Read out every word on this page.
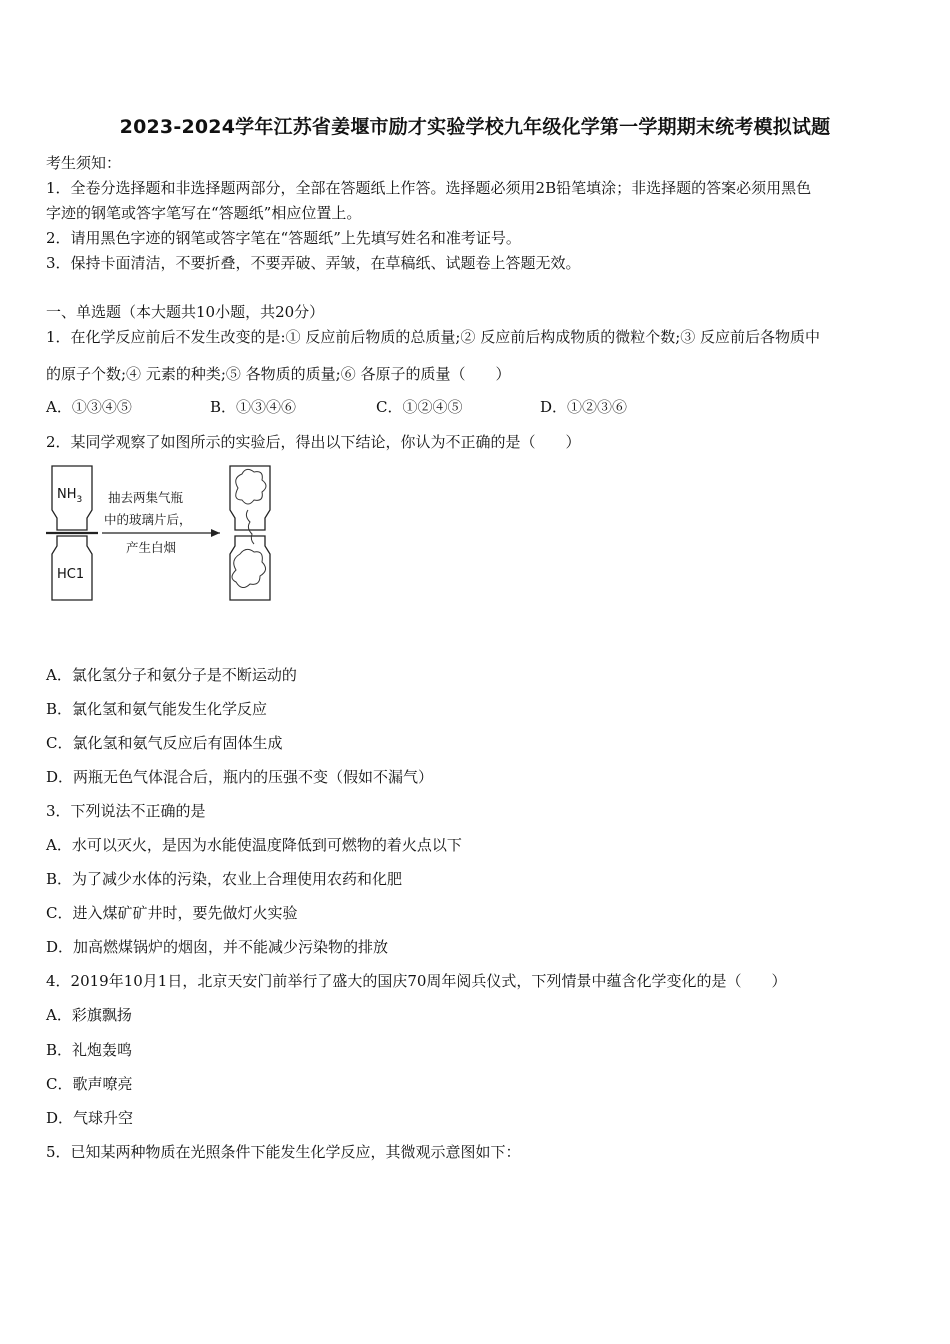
2023-2024学年江苏省姜堰市励才实验学校九年级化学第一学期期末统考模拟试题
考生须知：
1．全卷分选择题和非选择题两部分，全部在答题纸上作答。选择题必须用2B铅笔填涂；非选择题的答案必须用黑色
字迹的钢笔或答字笔写在“答题纸”相应位置上。
2．请用黑色字迹的钢笔或答字笔在“答题纸”上先填写姓名和准考证号。
3．保持卡面清洁，不要折叠，不要弄破、弄皱，在草稿纸、试题卷上答题无效。
一、单选题（本大题共10小题，共20分）
1．在化学反应前后不发生改变的是:① 反应前后物质的总质量;② 反应前后构成物质的微粒个数;③ 反应前后各物质中
的原子个数;④ 元素的种类;⑤ 各物质的质量;⑥ 各原子的质量（　　）
A．①③④⑤	B．①③④⑥	C．①②④⑤	D．①②③⑥
2．某同学观察了如图所示的实验后，得出以下结论，你认为不正确的是（　　）
$NH_3$
HC1
抽去两集气瓶
中的玻璃片后，
产生白烟
A．氯化氢分子和氨分子是不断运动的
B．氯化氢和氨气能发生化学反应
C．氯化氢和氨气反应后有固体生成
D．两瓶无色气体混合后，瓶内的压强不变（假如不漏气）
3．下列说法不正确的是
A．水可以灭火，是因为水能使温度降低到可燃物的着火点以下
B．为了减少水体的污染，农业上合理使用农药和化肥
C．进入煤矿矿井时，要先做灯火实验
D．加高燃煤锅炉的烟囱，并不能减少污染物的排放
4．2019年10月1日，北京天安门前举行了盛大的国庆70周年阅兵仪式，下列情景中蕴含化学变化的是（　　）
A．彩旗飘扬
B．礼炮轰鸣
C．歌声嘹亮
D．气球升空
5．已知某两种物质在光照条件下能发生化学反应，其微观示意图如下：
